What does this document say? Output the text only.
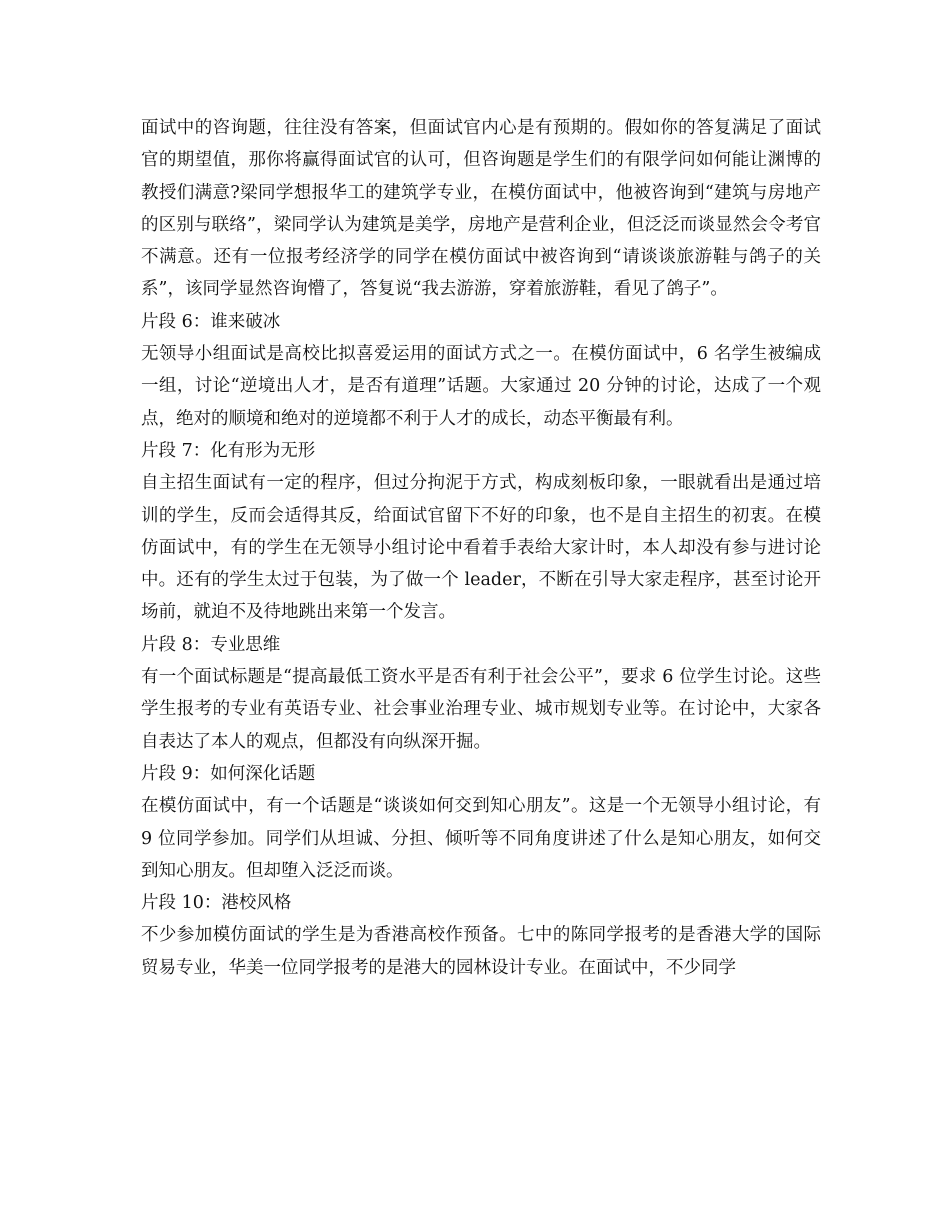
面试中的咨询题，往往没有答案，但面试官内心是有预期的。假如你的答复满足了面试官的期望值，那你将赢得面试官的认可，但咨询题是学生们的有限学问如何能让渊博的教授们满意?梁同学想报华工的建筑学专业，在模仿面试中，他被咨询到“建筑与房地产的区别与联络”，梁同学认为建筑是美学，房地产是营利企业，但泛泛而谈显然会令考官不满意。还有一位报考经济学的同学在模仿面试中被咨询到“请谈谈旅游鞋与鸽子的关系”，该同学显然咨询懵了，答复说“我去游游，穿着旅游鞋，看见了鸽子”。

片段 6：谁来破冰

无领导小组面试是高校比拟喜爱运用的面试方式之一。在模仿面试中，6 名学生被编成一组，讨论“逆境出人才，是否有道理”话题。大家通过 20 分钟的讨论，达成了一个观点，绝对的顺境和绝对的逆境都不利于人才的成长，动态平衡最有利。

片段 7：化有形为无形

自主招生面试有一定的程序，但过分拘泥于方式，构成刻板印象，一眼就看出是通过培训的学生，反而会适得其反，给面试官留下不好的印象，也不是自主招生的初衷。在模仿面试中，有的学生在无领导小组讨论中看着手表给大家计时，本人却没有参与进讨论中。还有的学生太过于包装，为了做一个 leader，不断在引导大家走程序，甚至讨论开场前，就迫不及待地跳出来第一个发言。

片段 8：专业思维

有一个面试标题是“提高最低工资水平是否有利于社会公平”，要求 6 位学生讨论。这些学生报考的专业有英语专业、社会事业治理专业、城市规划专业等。在讨论中，大家各自表达了本人的观点，但都没有向纵深开掘。

片段 9：如何深化话题

在模仿面试中，有一个话题是“谈谈如何交到知心朋友”。这是一个无领导小组讨论，有 9 位同学参加。同学们从坦诚、分担、倾听等不同角度讲述了什么是知心朋友，如何交到知心朋友。但却堕入泛泛而谈。

片段 10：港校风格

不少参加模仿面试的学生是为香港高校作预备。七中的陈同学报考的是香港大学的国际贸易专业，华美一位同学报考的是港大的园林设计专业。在面试中，不少同学
